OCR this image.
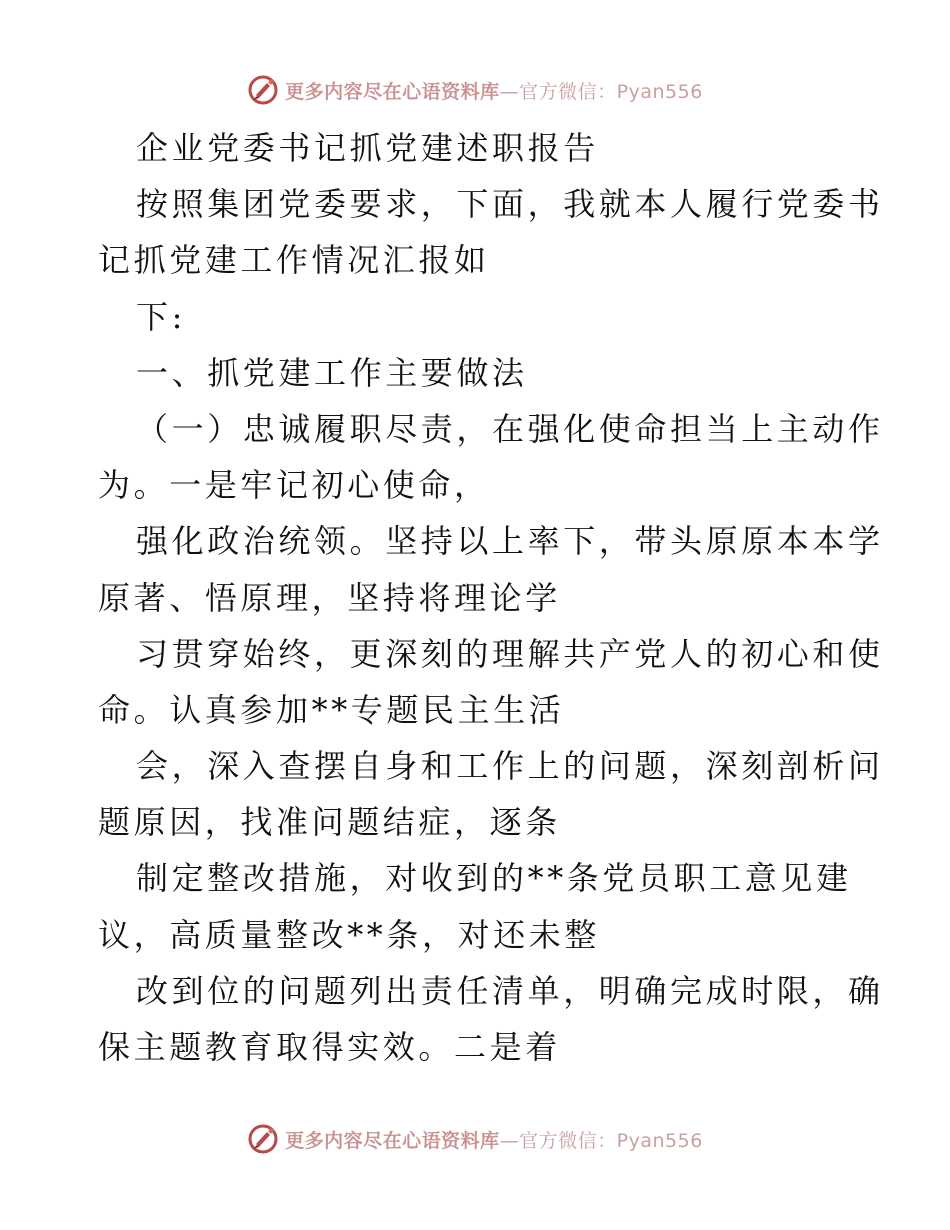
更多内容尽在心语资料库—官方微信：Pyan556
企业党委书记抓党建述职报告
按照集团党委要求，下面，我就本人履行党委书
记抓党建工作情况汇报如
下:
一、抓党建工作主要做法
（一）忠诚履职尽责，在强化使命担当上主动作
为。一是牢记初心使命，
强化政治统领。坚持以上率下，带头原原本本学
原著、悟原理，坚持将理论学
习贯穿始终，更深刻的理解共产党人的初心和使
命。认真参加**专题民主生活
会，深入查摆自身和工作上的问题，深刻剖析问
题原因，找准问题结症，逐条
制定整改措施，对收到的**条党员职工意见建
议，高质量整改**条，对还未整
改到位的问题列出责任清单，明确完成时限，确
保主题教育取得实效。二是着
更多内容尽在心语资料库—官方微信：Pyan556
